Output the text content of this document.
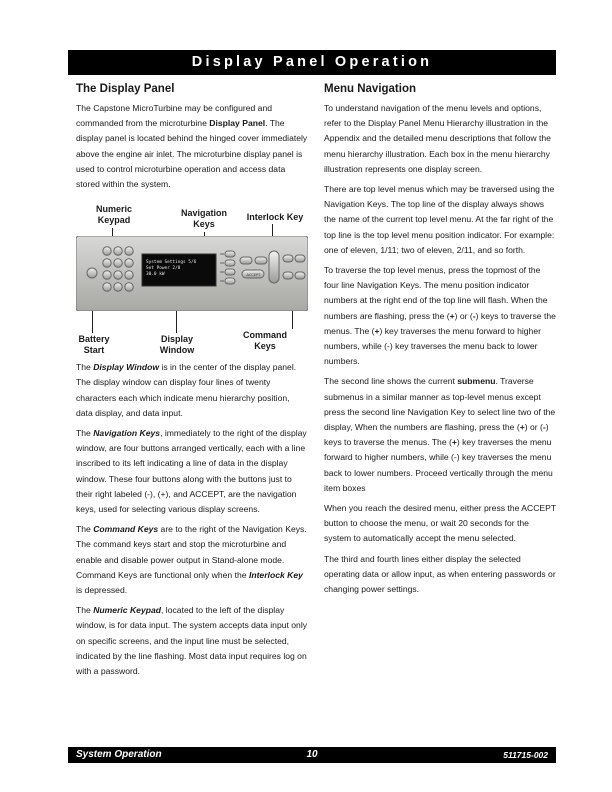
Display Panel Operation
The Display Panel

The Capstone MicroTurbine may be configured and commanded from the microturbine Display Panel. The display panel is located behind the hinged cover immediately above the engine air inlet. The microturbine display panel is used to control microturbine operation and access data stored within the system.

Numeric Keypad
Navigation Keys
Interlock Key
System Settings 5/6
Set Power 2/8
30.0 kW	ACCEPT
Battery Start
Display Window
Command Keys

The Display Window is in the center of the display panel. The display window can display four lines of twenty characters each which indicate menu hierarchy position, data display, and data input.

The Navigation Keys, immediately to the right of the display window, are four buttons arranged vertically, each with a line inscribed to its left indicating a line of data in the display window. These four buttons along with the buttons just to their right labeled (-), (+), and ACCEPT, are the navigation keys, used for selecting various display screens.

The Command Keys are to the right of the Navigation Keys. The command keys start and stop the microturbine and enable and disable power output in Stand-alone mode. Command Keys are functional only when the Interlock Key is depressed.

The Numeric Keypad, located to the left of the display window, is for data input. The system accepts data input only on specific screens, and the input line must be selected, indicated by the line flashing. Most data input requires log on with a password.

Menu Navigation

To understand navigation of the menu levels and options, refer to the Display Panel Menu Hierarchy illustration in the Appendix and the detailed menu descriptions that follow the menu hierarchy illustration. Each box in the menu hierarchy illustration represents one display screen.

There are top level menus which may be traversed using the Navigation Keys. The top line of the display always shows the name of the current top level menu. At the far right of the top line is the top level menu position indicator. For example: one of eleven, 1/11; two of eleven, 2/11, and so forth.

To traverse the top level menus, press the topmost of the four line Navigation Keys. The menu position indicator numbers at the right end of the top line will flash. When the numbers are flashing, press the (+) or (-) keys to traverse the menus. The (+) key traverses the menu forward to higher numbers, while (-) key traverses the menu back to lower numbers.

The second line shows the current submenu. Traverse submenus in a similar manner as top-level menus except press the second line Navigation Key to select line two of the display, When the numbers are flashing, press the (+) or (-) keys to traverse the menus. The (+) key traverses the menu forward to higher numbers, while (-) key traverses the menu back to lower numbers. Proceed vertically through the menu item boxes

When you reach the desired menu, either press the ACCEPT button to choose the menu, or wait 20 seconds for the system to automatically accept the menu selected.

The third and fourth lines either display the selected operating data or allow input, as when entering passwords or changing power settings.

System Operation	10	511715-002
